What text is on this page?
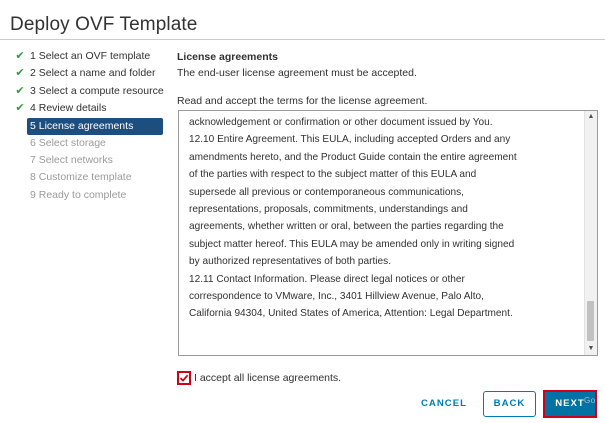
Deploy OVF Template
✔ 1 Select an OVF template
✔ 2 Select a name and folder
✔ 3 Select a compute resource
✔ 4 Review details
5 License agreements
6 Select storage
7 Select networks
8 Customize template
9 Ready to complete
License agreements
The end-user license agreement must be accepted.
Read and accept the terms for the license agreement.
acknowledgement or confirmation or other document issued by You.
12.10 Entire Agreement. This EULA, including accepted Orders and any
amendments hereto, and the Product Guide contain the entire agreement
of the parties with respect to the subject matter of this EULA and
supersede all previous or contemporaneous communications,
representations, proposals, commitments, understandings and
agreements, whether written or oral, between the parties regarding the
subject matter hereof. This EULA may be amended only in writing signed
by authorized representatives of both parties.
12.11 Contact Information. Please direct legal notices or other
correspondence to VMware, Inc., 3401 Hillview Avenue, Palo Alto,
California 94304, United States of America, Attention: Legal Department.
▲
▼
I accept all license agreements.
CANCEL	BACK	NEXT Go
